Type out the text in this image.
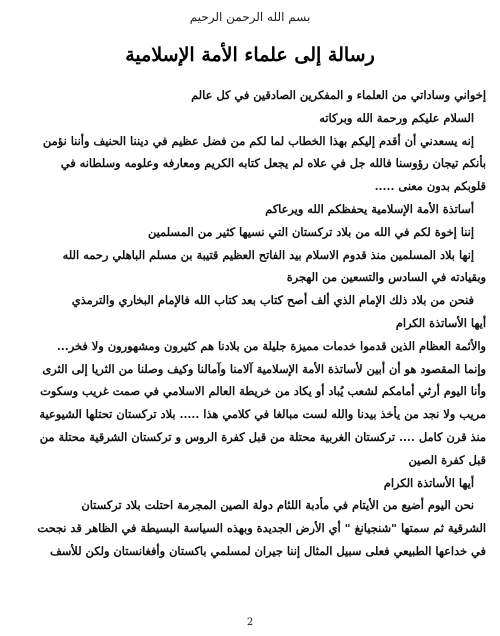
بسم الله الرحمن الرحيم
رسالة إلى علماء الأمة الإسلامية
إخواني وساداتي من العلماء و المفكرين الصادقين في كل عالم
السلام عليكم ورحمة الله وبركاته
إنه يسعدني أن أقدم إليكم بهذا الخطاب لما لكم من فضل عظيم في ديننا الحنيف وأننا نؤمن
بأنكم تيجان رؤوسنا فالله جل في علاه لم يجعل كتابه الكريم ومعارفه وعلومه وسلطانه في
قلوبكم بدون معنى .....
أساتذة الأمة الإسلامية يحفظكم الله ويرعاكم
إننا إخوة لكم في الله من بلاد تركستان التي نسيها كثير من المسلمين
إنها بلاد المسلمين منذ قدوم الاسلام بيد الفاتح العظيم قتيبة بن مسلم الباهلي رحمه الله
وبقيادته في السادس والتسعين من الهجرة
فنحن من بلاد ذلك الإمام الذي ألف أصح كتاب بعد كتاب الله فالإمام البخاري والترمذي
أيها الأساتذة الكرام
والأئمة العظام الذين قدموا خدمات مميزة جليلة من بلادنا هم كثيرون ومشهورون ولا فخر...
وإنما المقصود هو أن أبين لأساتذة الأمة الإسلامية آلامنا وآمالنا وكيف وصلنا من الثريا إلى الثرى
وأنا اليوم أرثي أمامكم لشعب يُباد أو يكاد من خريطة العالم الاسلامي في صمت غريب وسكوت
مريب ولا نجد من يأخذ بيدنا والله لست مبالغا في كلامي هذا ..... بلاد تركستان تحتلها الشيوعية
منذ قرن كامل .... تركستان الغربية محتلة من قبل كفرة الروس و تركستان الشرقية محتلة من
قبل كفرة الصين
أيها الأساتذة الكرام
نحن اليوم أضيع من الأيتام في مأدبة اللئام دولة الصين المجرمة احتلت بلاد تركستان
الشرقية ثم سمتها "شنجيانغ " أي الأرض الجديدة وبهذه السياسة البسيطة في الظاهر قد نجحت
في خداعها الطبيعي فعلى سبيل المثال إننا جيران لمسلمي باكستان وأفغانستان ولكن للأسف
2
